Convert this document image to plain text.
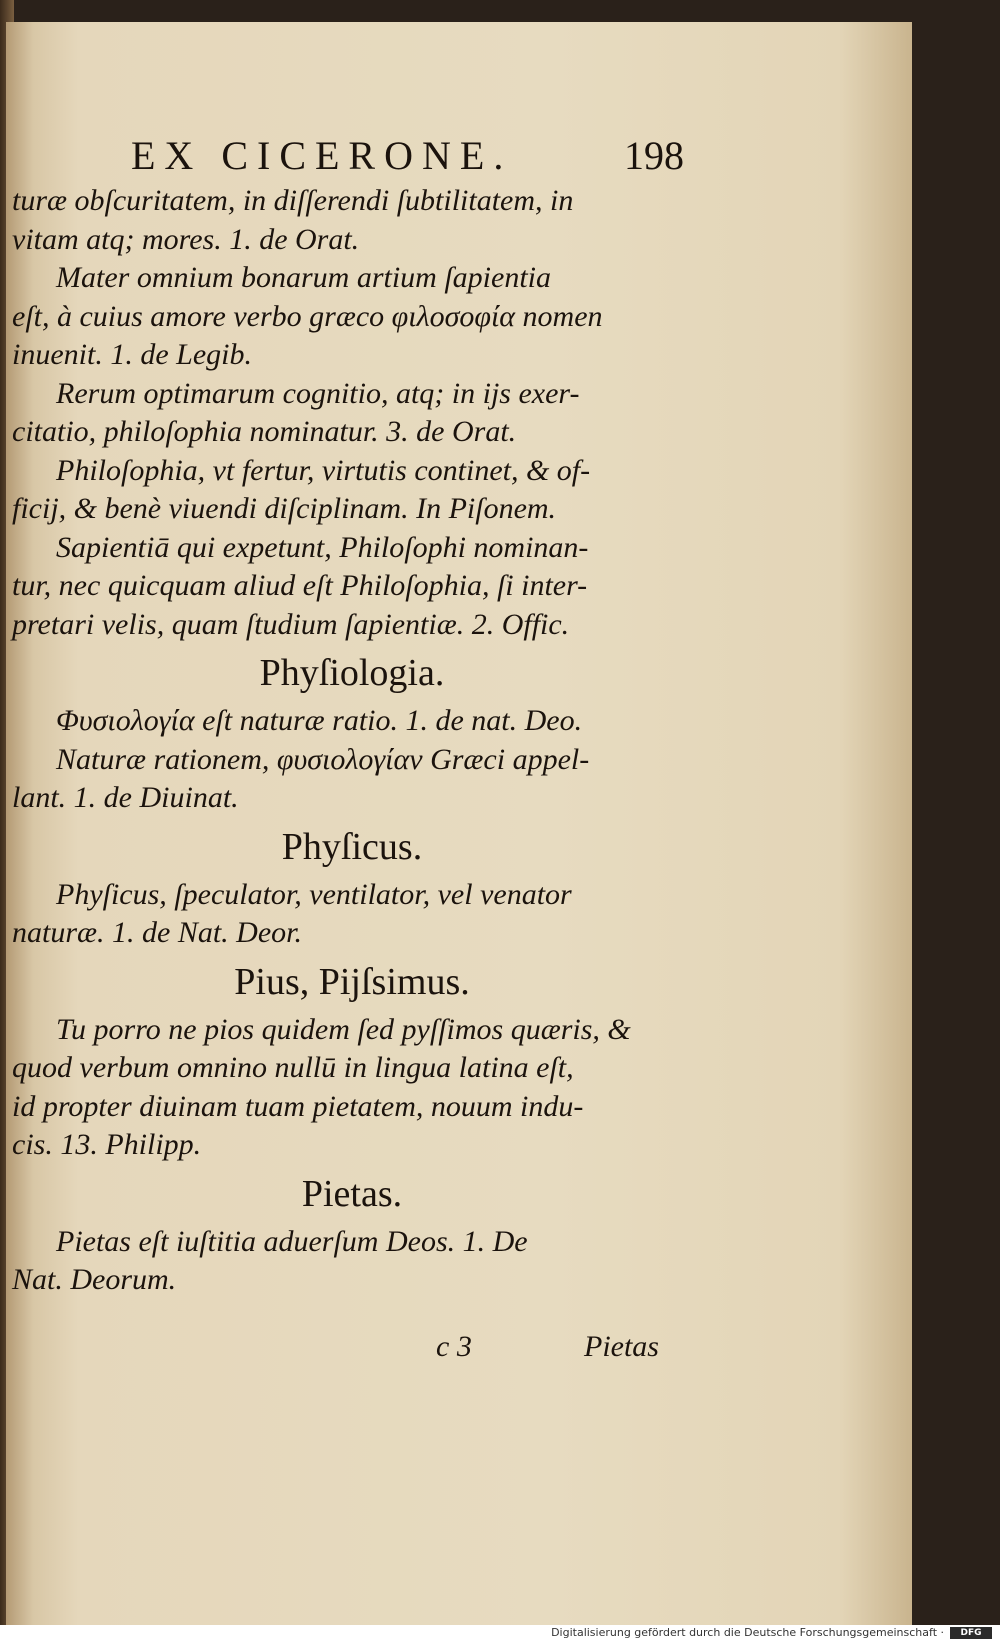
EX CICERONE.	198
turæ obſcuritatem, in diſſerendi ſubtilitatem, in
vitam atq; mores. 1. de Orat.
Mater omnium bonarum artium ſapientia
eſt, à cuius amore verbo græco φιλοσοφία nomen
inuenit. 1. de Legib.
Rerum optimarum cognitio, atq; in ijs exer-
citatio, philoſophia nominatur. 3. de Orat.
Philoſophia, vt fertur, virtutis continet, & of-
ficij, & benè viuendi diſciplinam. In Piſonem.
Sapientiā qui expetunt, Philoſophi nominan-
tur, nec quicquam aliud eſt Philoſophia, ſi inter-
pretari velis, quam ſtudium ſapientiæ. 2. Offic.
Phyſiologia.
Φυσιολογία eſt naturæ ratio. 1. de nat. Deo.
Naturæ rationem, φυσιολογίαν Græci appel-
lant. 1. de Diuinat.
Phyſicus.
Phyſicus, ſpeculator, ventilator, vel venator
naturæ. 1. de Nat. Deor.
Pius, Pijſsimus.
Tu porro ne pios quidem ſed pyſſimos quæris, &
quod verbum omnino nullū in lingua latina eſt,
id propter diuinam tuam pietatem, nouum indu-
cis. 13. Philipp.
Pietas.
Pietas eſt iuſtitia aduerſum Deos. 1. De
Nat. Deorum.
c 3	Pietas
Digitalisierung gefördert durch die Deutsche Forschungsgemeinschaft ·	DFG
